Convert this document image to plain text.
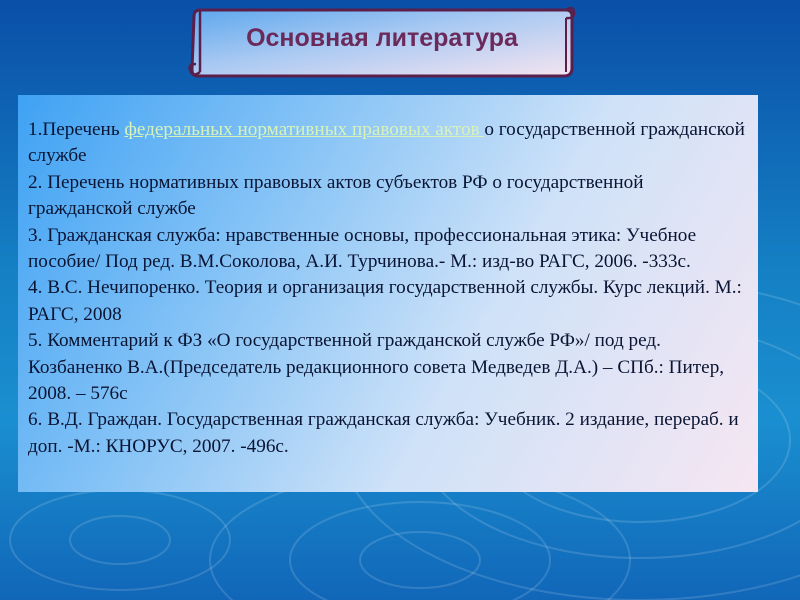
Основная литература
1.Перечень федеральных нормативных правовых актов о государственной гражданской службе
2. Перечень нормативных правовых актов субъектов РФ о государственной гражданской службе
3. Гражданская служба: нравственные основы, профессиональная этика: Учебное пособие/ Под ред. В.М.Соколова, А.И. Турчинова.- М.: изд-во РАГС, 2006. -333с.
4. В.С. Нечипоренко. Теория и организация государственной службы. Курс лекций. М.: РАГС, 2008
5. Комментарий к ФЗ «О государственной гражданской службе РФ»/ под ред. Козбаненко В.А.(Председатель редакционного совета Медведев Д.А.) – СПб.: Питер, 2008. – 576с
6. В.Д. Граждан. Государственная гражданская служба: Учебник. 2 издание, перераб. и доп. -М.: КНОРУС, 2007. -496с.
